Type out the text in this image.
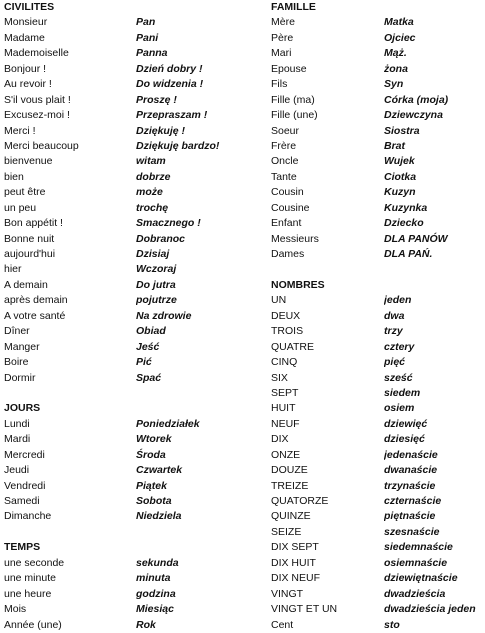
CIVILITES
Monsieur	Pan
Madame	Pani
Mademoiselle	Panna
Bonjour !	Dzień dobry !
Au revoir !	Do widzenia !
S'il vous plait !	Proszę !
Excusez-moi !	Przepraszam !
Merci !	Dziękuję !
Merci beaucoup	Dziękuję bardzo!
bienvenue	witam
bien	dobrze
peut être	może
un peu	trochę
Bon appétit !	Smacznego !
Bonne nuit	Dobranoc
aujourd'hui	Dzisiaj
hier	Wczoraj
A demain	Do jutra
après demain	pojutrze
A votre santé	Na zdrowie
Dîner	Obiad
Manger	Jeść
Boire	Pić
Dormir	Spać
JOURS
Lundi	Poniedziałek
Mardi	Wtorek
Mercredi	Środa
Jeudi	Czwartek
Vendredi	Piątek
Samedi	Sobota
Dimanche	Niedziela
TEMPS
une seconde	sekunda
une minute	minuta
une heure	godzina
Mois	Miesiąc
Année (une)	Rok
FAMILLE
Mère	Matka
Père	Ojciec
Mari	Mąż.
Epouse	żona
Fils	Syn
Fille (ma)	Córka (moja)
Fille (une)	Dziewczyna
Soeur	Siostra
Frère	Brat
Oncle	Wujek
Tante	Ciotka
Cousin	Kuzyn
Cousine	Kuzynka
Enfant	Dziecko
Messieurs	DLA PANÓW
Dames	DLA PAŃ.
NOMBRES
UN	jeden
DEUX	dwa
TROIS	trzy
QUATRE	cztery
CINQ	pięć
SIX	sześć
SEPT	siedem
HUIT	osiem
NEUF	dziewięć
DIX	dziesięć
ONZE	jedenaście
DOUZE	dwanaście
TREIZE	trzynaście
QUATORZE	czternaście
QUINZE	piętnaście
SEIZE	szesnaście
DIX SEPT	siedemnaście
DIX HUIT	osiemnaście
DIX NEUF	dziewiętnaście
VINGT	dwadzieścia
VINGT ET UN	dwadzieścia jeden
Cent	sto
